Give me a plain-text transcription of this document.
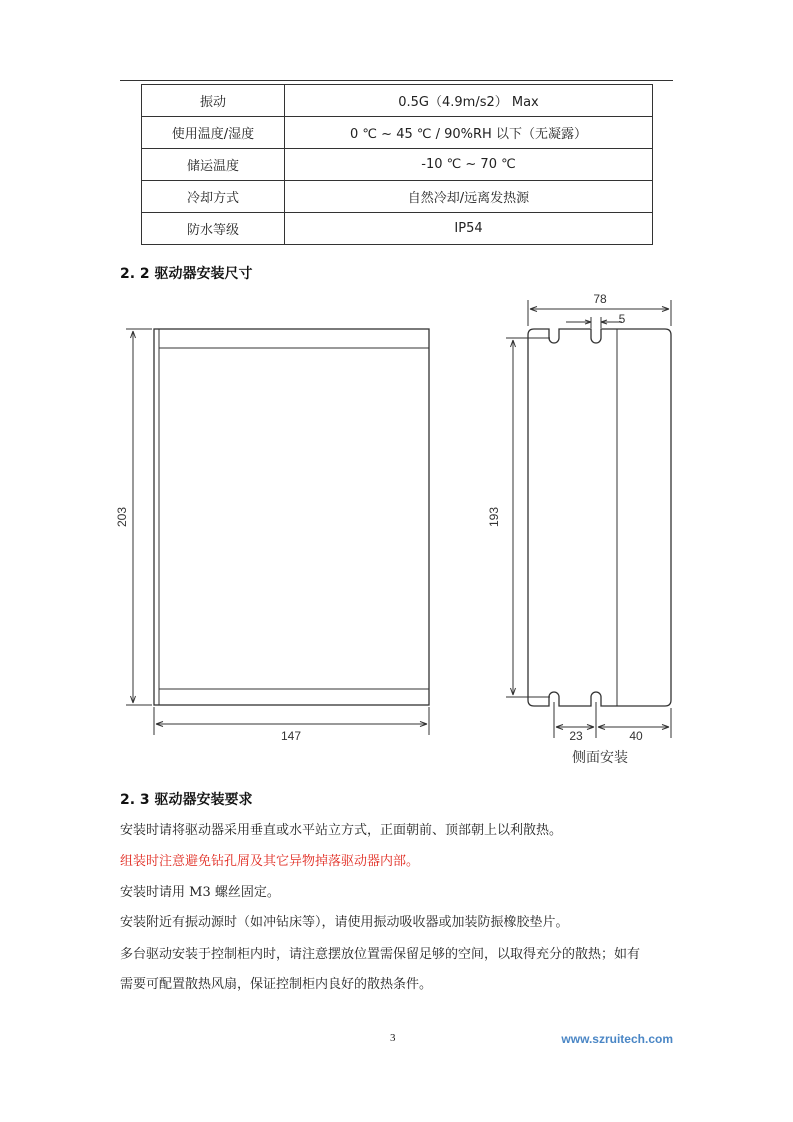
振动	0.5G（4.9m/s2） Max
使用温度/湿度	0 ℃ ~ 45 ℃ / 90%RH 以下（无凝露）
储运温度	-10 ℃ ~ 70 ℃
冷却方式	自然冷却/远离发热源
防水等级	IP54
2. 2 驱动器安装尺寸
203
147
78
5
193
23	40
侧面安装
2. 3 驱动器安装要求

安装时请将驱动器采用垂直或水平站立方式，正面朝前、顶部朝上以利散热。

组装时注意避免钻孔屑及其它异物掉落驱动器内部。

安装时请用 M3 螺丝固定。

安装附近有振动源时（如冲钻床等），请使用振动吸收器或加装防振橡胶垫片。

多台驱动安装于控制柜内时，请注意摆放位置需保留足够的空间，以取得充分的散热；如有

需要可配置散热风扇，保证控制柜内良好的散热条件。

3	www.szruitech.com
